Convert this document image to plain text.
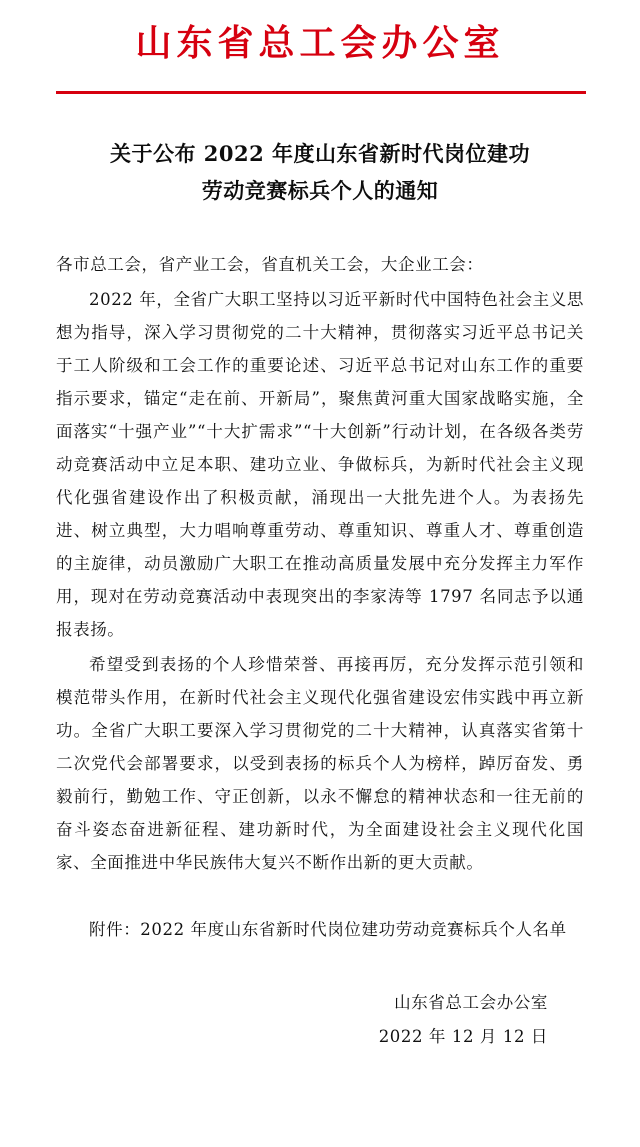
山东省总工会办公室
关于公布 2022 年度山东省新时代岗位建功
劳动竞赛标兵个人的通知

各市总工会，省产业工会，省直机关工会，大企业工会：

2022 年，全省广大职工坚持以习近平新时代中国特色社会主义思想为指导，深入学习贯彻党的二十大精神，贯彻落实习近平总书记关于工人阶级和工会工作的重要论述、习近平总书记对山东工作的重要指示要求，锚定“走在前、开新局”，聚焦黄河重大国家战略实施，全面落实“十强产业”“十大扩需求”“十大创新”行动计划，在各级各类劳动竞赛活动中立足本职、建功立业、争做标兵，为新时代社会主义现代化强省建设作出了积极贡献，涌现出一大批先进个人。为表扬先进、树立典型，大力唱响尊重劳动、尊重知识、尊重人才、尊重创造的主旋律，动员激励广大职工在推动高质量发展中充分发挥主力军作用，现对在劳动竞赛活动中表现突出的李家涛等 1797 名同志予以通报表扬。

希望受到表扬的个人珍惜荣誉、再接再厉，充分发挥示范引领和模范带头作用，在新时代社会主义现代化强省建设宏伟实践中再立新功。全省广大职工要深入学习贯彻党的二十大精神，认真落实省第十二次党代会部署要求，以受到表扬的标兵个人为榜样，踔厉奋发、勇毅前行，勤勉工作、守正创新，以永不懈怠的精神状态和一往无前的奋斗姿态奋进新征程、建功新时代，为全面建设社会主义现代化国家、全面推进中华民族伟大复兴不断作出新的更大贡献。

附件：2022 年度山东省新时代岗位建功劳动竞赛标兵个人名单
山东省总工会办公室
2022 年 12 月 12 日
